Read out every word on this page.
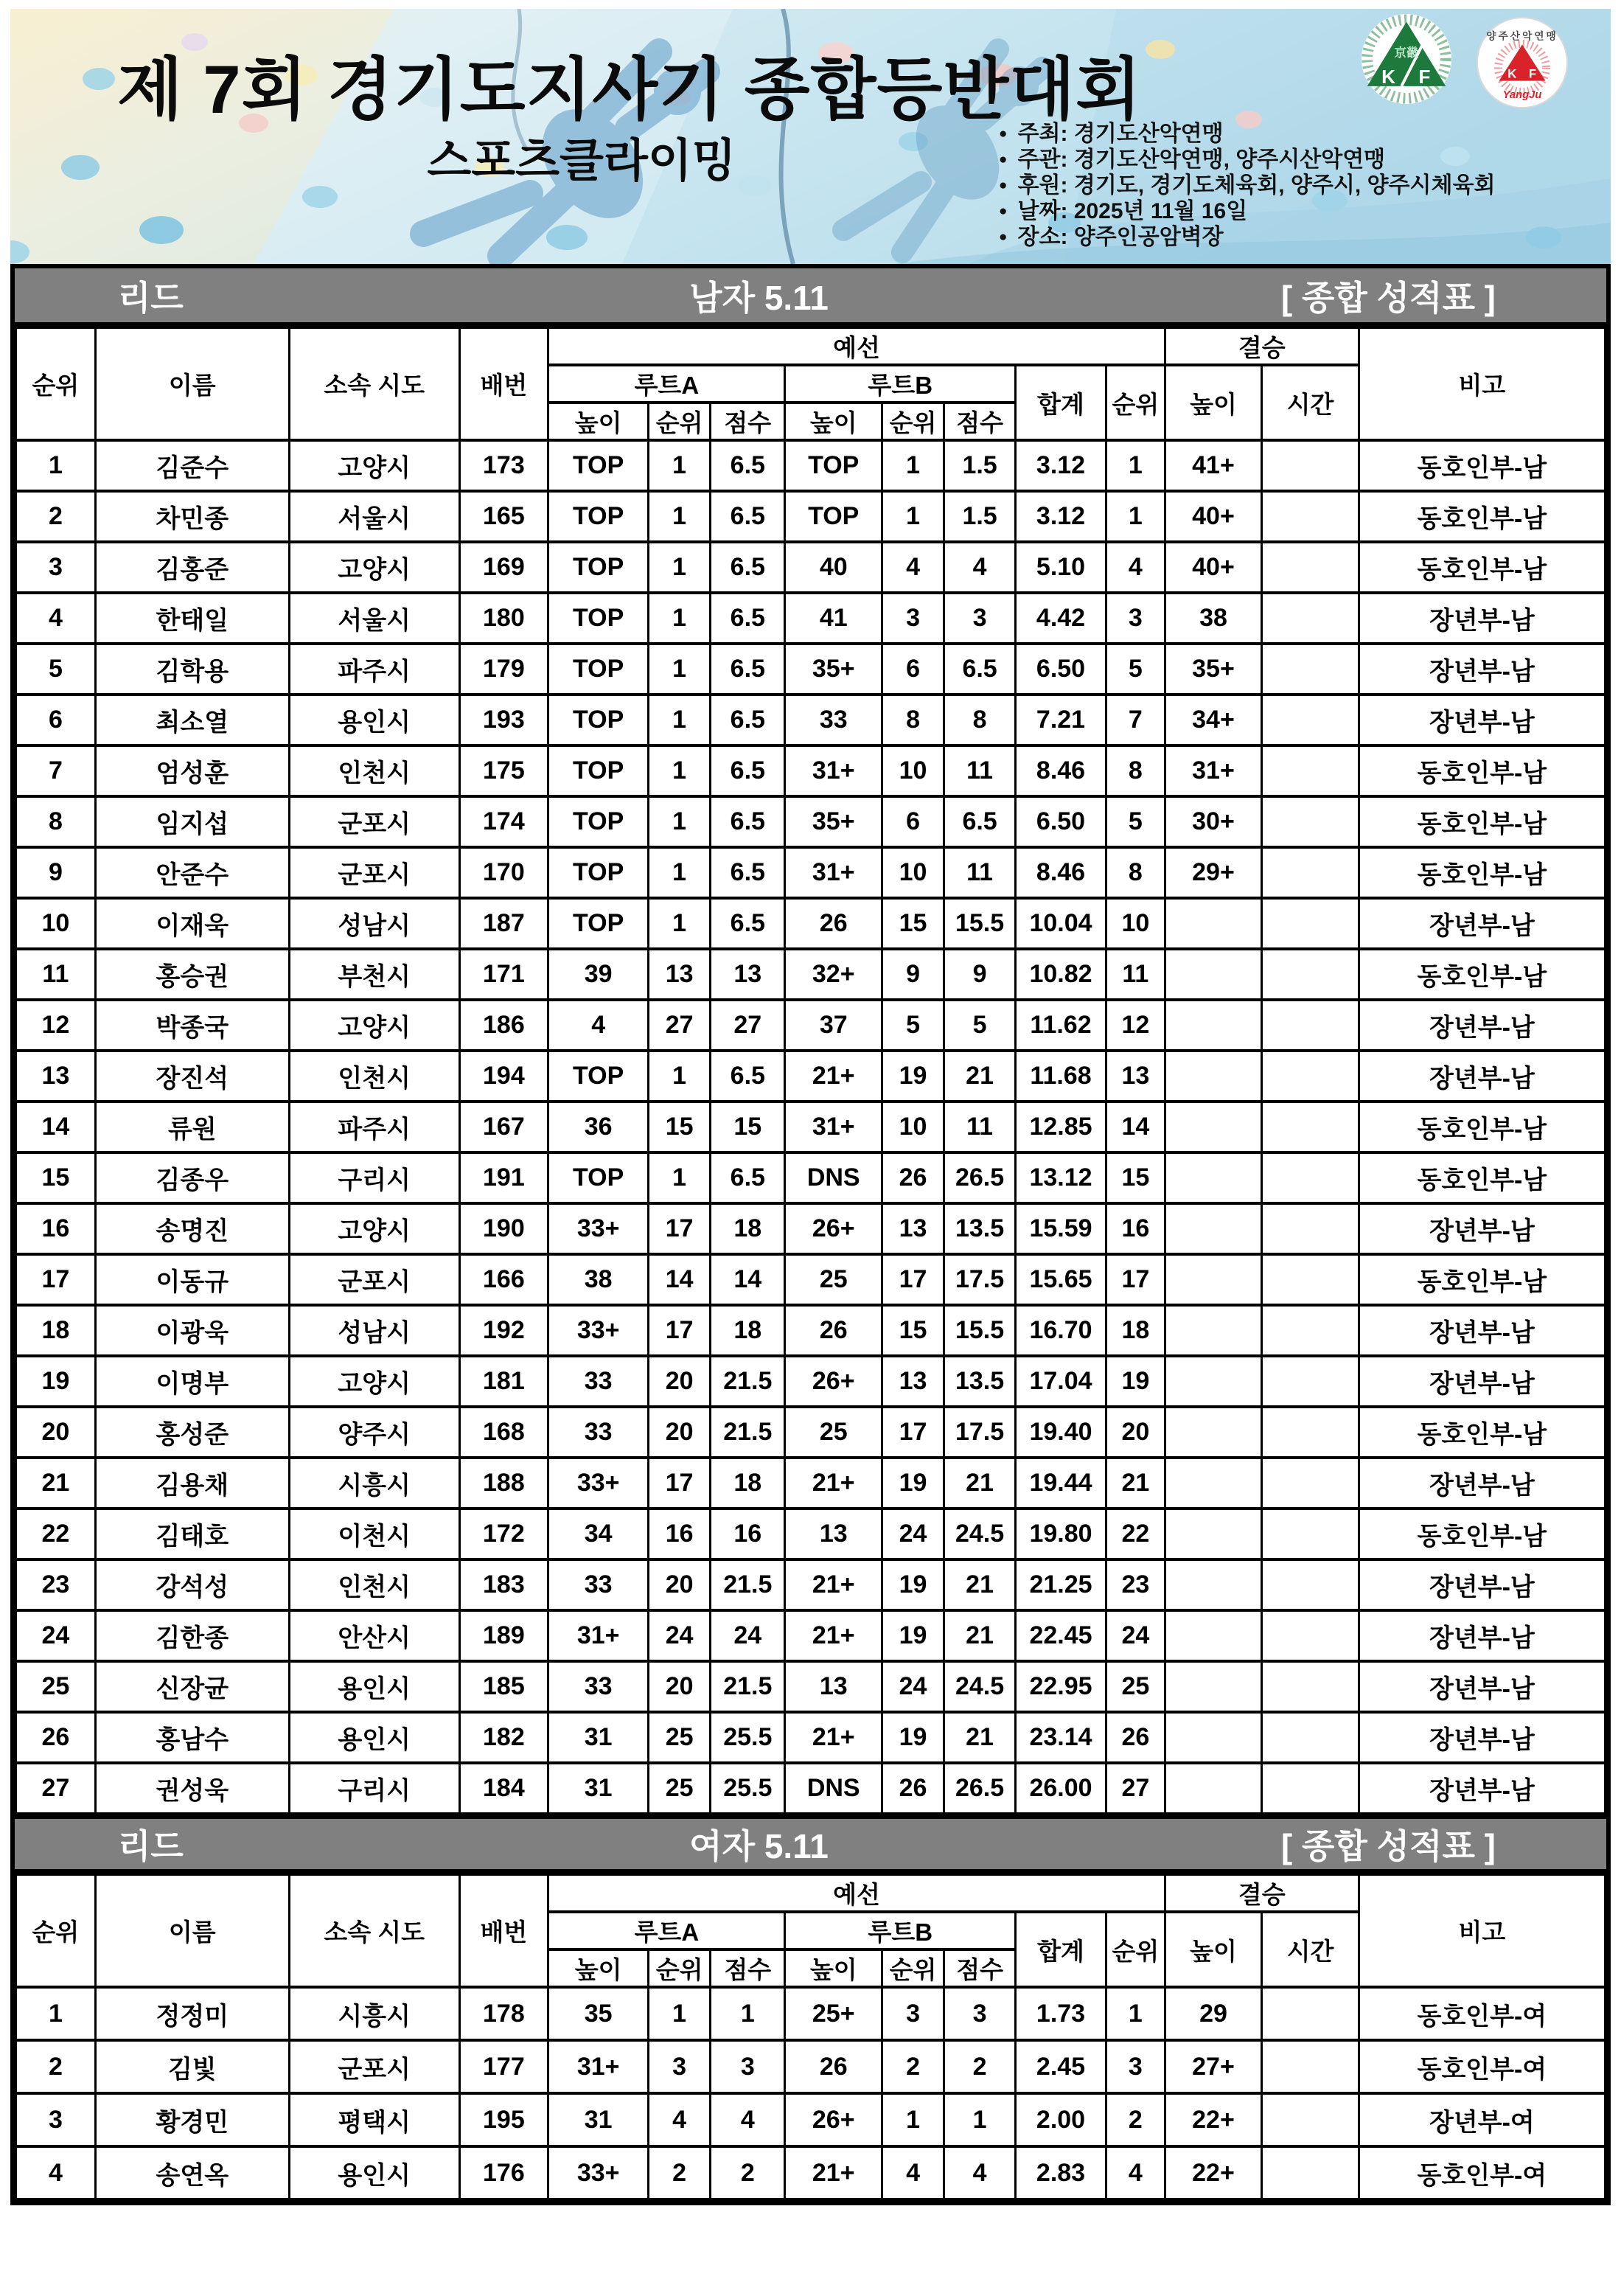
제 7회 경기도지사기 종합등반대회
스포츠클라이밍
● 주최: 경기도산악연맹
● 주관: 경기도산악연맹, 양주시산악연맹
● 후원: 경기도, 경기도체육회, 양주시, 양주시체육회
● 날짜: 2025년 11월 16일
● 장소: 양주인공암벽장
K F
京畿
양주산악연맹
K F
YangJu
리드	남자 5.11	[ 종합 성적표 ]
순위	이름	소속 시도	배번	예선								결승		비고
				루트A			루트B			합계	순위	높이	시간	
				높이	순위	점수	높이	순위	점수					
1	김준수	고양시	173	TOP	1	6.5	TOP	1	1.5	3.12	1	41+		동호인부-남
2	차민종	서울시	165	TOP	1	6.5	TOP	1	1.5	3.12	1	40+		동호인부-남
3	김홍준	고양시	169	TOP	1	6.5	40	4	4	5.10	4	40+		동호인부-남
4	한태일	서울시	180	TOP	1	6.5	41	3	3	4.42	3	38		장년부-남
5	김학용	파주시	179	TOP	1	6.5	35+	6	6.5	6.50	5	35+		장년부-남
6	최소열	용인시	193	TOP	1	6.5	33	8	8	7.21	7	34+		장년부-남
7	엄성훈	인천시	175	TOP	1	6.5	31+	10	11	8.46	8	31+		동호인부-남
8	임지섭	군포시	174	TOP	1	6.5	35+	6	6.5	6.50	5	30+		동호인부-남
9	안준수	군포시	170	TOP	1	6.5	31+	10	11	8.46	8	29+		동호인부-남
10	이재욱	성남시	187	TOP	1	6.5	26	15	15.5	10.04	10			장년부-남
11	홍승권	부천시	171	39	13	13	32+	9	9	10.82	11			동호인부-남
12	박종국	고양시	186	4	27	27	37	5	5	11.62	12			장년부-남
13	장진석	인천시	194	TOP	1	6.5	21+	19	21	11.68	13			장년부-남
14	류원	파주시	167	36	15	15	31+	10	11	12.85	14			동호인부-남
15	김종우	구리시	191	TOP	1	6.5	DNS	26	26.5	13.12	15			동호인부-남
16	송명진	고양시	190	33+	17	18	26+	13	13.5	15.59	16			장년부-남
17	이동규	군포시	166	38	14	14	25	17	17.5	15.65	17			동호인부-남
18	이광욱	성남시	192	33+	17	18	26	15	15.5	16.70	18			장년부-남
19	이명부	고양시	181	33	20	21.5	26+	13	13.5	17.04	19			장년부-남
20	홍성준	양주시	168	33	20	21.5	25	17	17.5	19.40	20			동호인부-남
21	김용채	시흥시	188	33+	17	18	21+	19	21	19.44	21			장년부-남
22	김태호	이천시	172	34	16	16	13	24	24.5	19.80	22			동호인부-남
23	강석성	인천시	183	33	20	21.5	21+	19	21	21.25	23			장년부-남
24	김한종	안산시	189	31+	24	24	21+	19	21	22.45	24			장년부-남
25	신장균	용인시	185	33	20	21.5	13	24	24.5	22.95	25			장년부-남
26	홍남수	용인시	182	31	25	25.5	21+	19	21	23.14	26			장년부-남
27	권성욱	구리시	184	31	25	25.5	DNS	26	26.5	26.00	27			장년부-남
리드	여자 5.11	[ 종합 성적표 ]
순위	이름	소속 시도	배번	예선								결승		비고
				루트A			루트B			합계	순위	높이	시간	
				높이	순위	점수	높이	순위	점수					
1	정정미	시흥시	178	35	1	1	25+	3	3	1.73	1	29		동호인부-여
2	김빛	군포시	177	31+	3	3	26	2	2	2.45	3	27+		동호인부-여
3	황경민	평택시	195	31	4	4	26+	1	1	2.00	2	22+		장년부-여
4	송연옥	용인시	176	33+	2	2	21+	4	4	2.83	4	22+		동호인부-여
